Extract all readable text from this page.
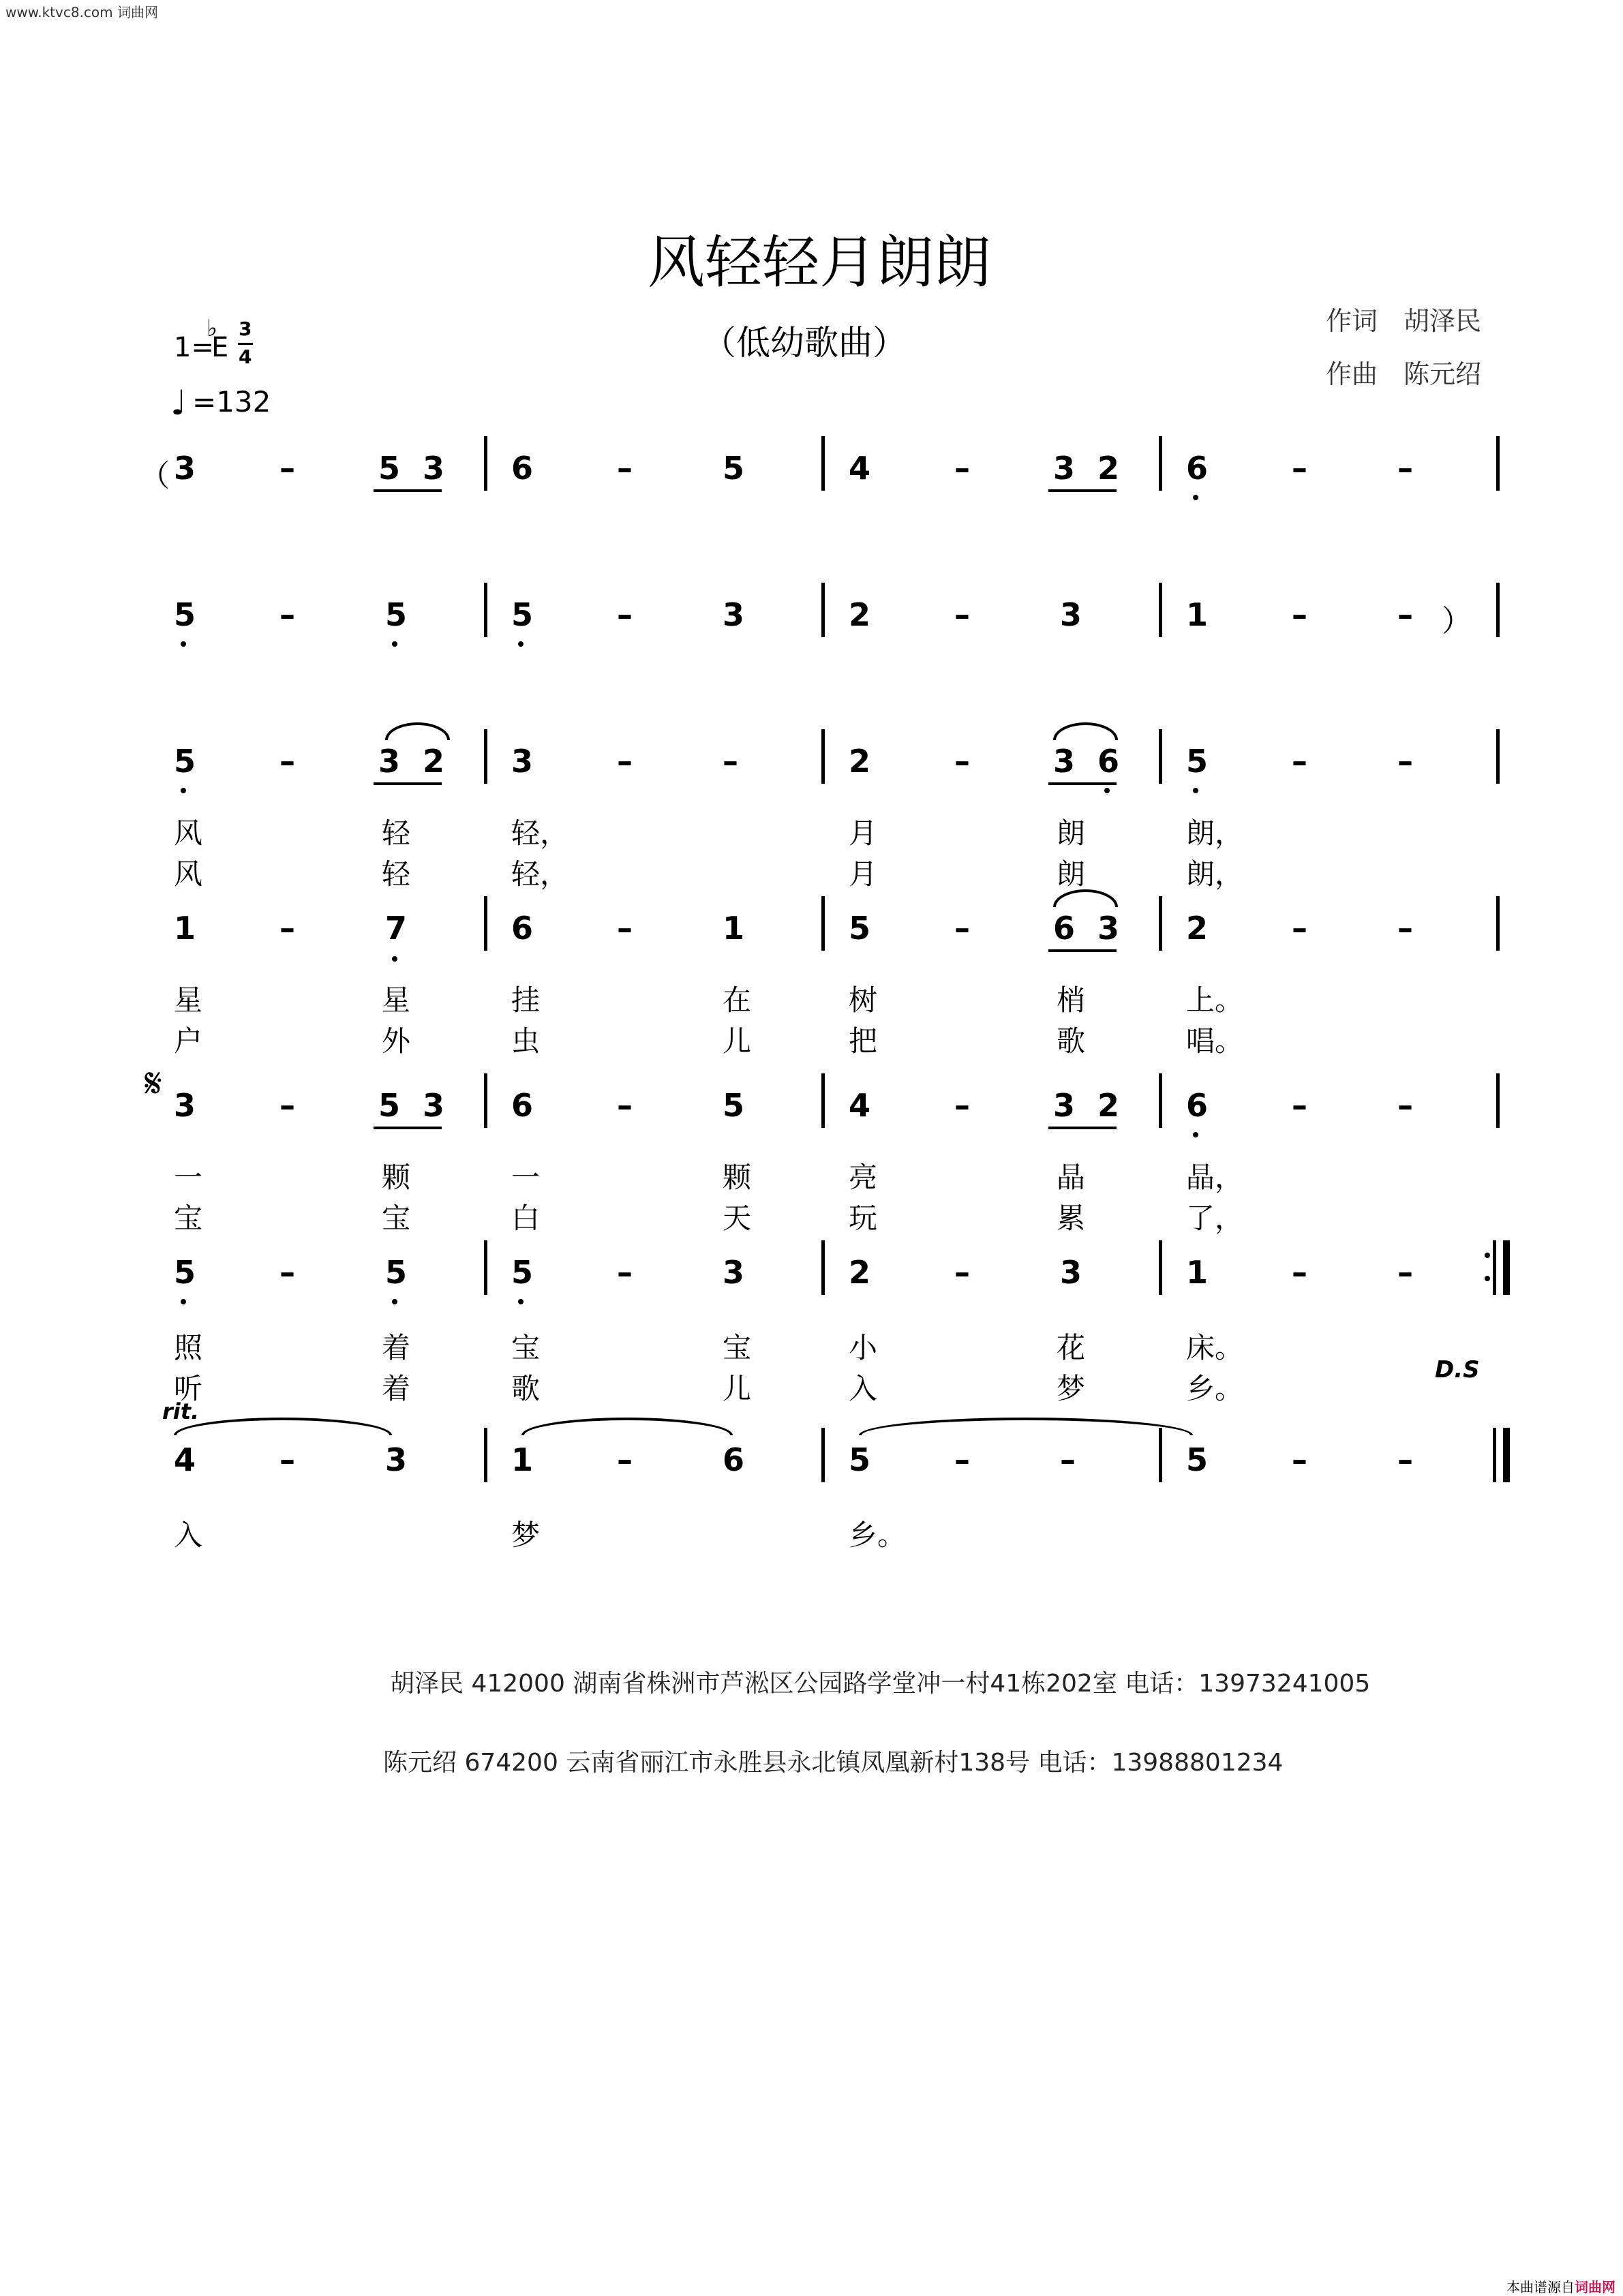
www.ktvc8.com 词曲网
风轻轻月朗朗
（低幼歌曲）
作词　胡泽民
作曲　陈元绍
1=
♭
E
3
4
♩ =132
3	–	5 3 6	–	5	4	–	3 2 6	–	–
5	–	5	5	–	3	2	–	3	1	–	–
5	–	3 2 3	–	–	2	–	3 6 5	–	–
1	–	7	6	–	1	5	–	6 3 2	–	–
3	–	5 3 6	–	5	4	–	3 2 6	–	–
5	–	5	5	–	3	2	–	3	1	–	–
4	–	3	1	–	6	5	–	–	5	–	–
风	轻	轻，	月	朗	朗，
风	轻	轻，	月	朗	朗，
星	星	挂	在	树	梢	上。
户	外	虫	儿	把	歌	唱。
一	颗	一	颗	亮	晶	晶，
宝	宝	白	天	玩	累	了，
照	着	宝	宝	小	花	床。
听	着	歌	儿	入	梦	乡。
入	梦	乡。
𝄋
D.S
rit.
（
）
胡泽民 412000 湖南省株洲市芦淞区公园路学堂冲一村41栋202室 电话：13973241005
陈元绍 674200 云南省丽江市永胜县永北镇凤凰新村138号 电话：13988801234
本曲谱源自 词曲网
